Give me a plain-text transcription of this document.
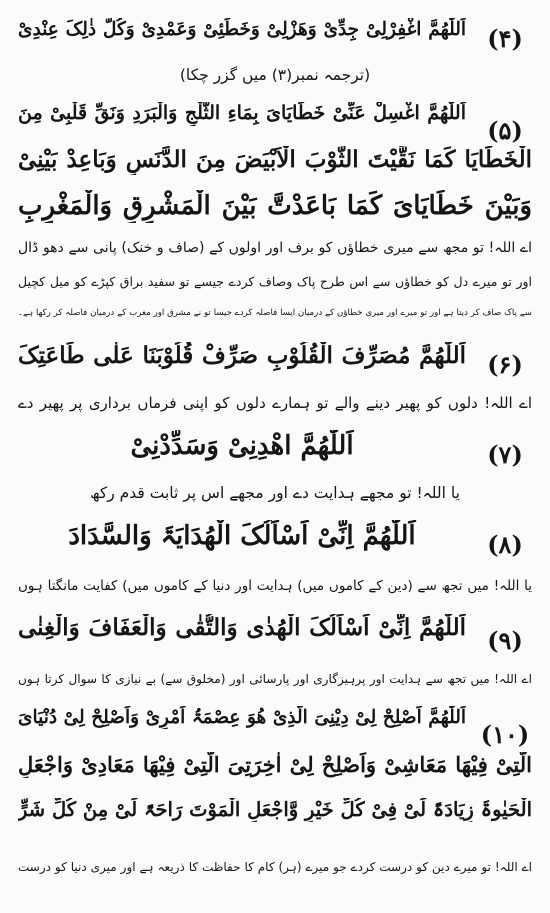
(۴)
اَللّٰھُمَّ اغْفِرْلِیْ جِدِّیْ وَھَزْلِیْ وَخَطَئِیْ وَعَمْدِیْ وَکُلُّ ذٰلِکَ عِنْدِیْ
(ترجمہ نمبر(۳) میں گزر چکا)
(۵)
اَللّٰھُمَّ اغْسِلْ عَنِّیْ خَطَایَایَ بِمَاءِ الثَّلْجِ وَالْبَرَدِ وَنَقِّ قَلْبِیْ مِنَ
الْخَطَایَا کَمَا نَقَّیْتَ الثَّوْبَ الْاَبْیَضَ مِنَ الدَّنَسِ وَبَاعِدْ بَیْنِیْ
وَبَیْنَ خَطَایَایَ کَمَا بَاعَدْتَّ بَیْنَ الْمَشْرِقِ وَالْمَغْرِبِ
اے اللہ! تو مجھ سے میری خطاؤں کو برف اور اولوں کے (صاف و خنک) پانی سے دھو ڈال
اور تو میرے دل کو خطاؤں سے اس طرح پاک وصاف کردے جیسے تو سفید براق کپڑے کو میل کچیل
سے پاک صاف کر دیتا ہے اور تو میرے اور میری خطاؤں کے درمیان ایسا فاصلہ کردے جیسا تو نے مشرق اور مغرب کے درمیان فاصلہ کر رکھا ہے۔
(۶)
اَللّٰھُمَّ مُصَرِّفَ الْقُلُوْبِ صَرِّفْ قُلُوْبَنَا عَلٰی طَاعَتِکَ
اے اللہ! دلوں کو پھیر دینے والے تو ہمارے دلوں کو اپنی فرماں برداری پر پھیر دے
(۷)
اَللّٰھُمَّ اھْدِنِیْ وَسَدِّدْنِیْ
یا اللہ! تو مجھے ہدایت دے اور مجھے اس پر ثابت قدم رکھ
(۸)
اَللّٰھُمَّ اِنِّیْ اَسْاَلُکَ الْھُدَایَۃَ وَالسَّدَادَ
یا اللہ! میں تجھ سے (دین کے کاموں میں) ہدایت اور دنیا کے کاموں میں) کفایت مانگتا ہوں
(۹)
اَللّٰھُمَّ اِنِّیْ اَسْاَلُکَ الْھُدٰی وَالتُّقٰی وَالْعَفَافَ وَالْغِنٰی
اے اللہ! میں تجھ سے ہدایت اور پرہیزگاری اور پارسائی اور (مخلوق سے) بے نیازی کا سوال کرتا ہوں
(۱۰)
اَللّٰھُمَّ اَصْلِحْ لِیْ دِیْنِیَ الَّذِیْ ھُوَ عِصْمَۃُ اَمْرِیْ وَاَصْلِحْ لِیْ دُنْیَایَ
الَّتِیْ فِیْھَا مَعَاشِیْ وَاَصْلِحْ لِیْ اٰخِرَتِیَ الَّتِیْ فِیْھَا مَعَادِیْ وَاجْعَلِ
الْحَیٰوۃَ زِیَادَۃً لِّیْ فِیْ کُلِّ خَیْرٍ وَّاجْعَلِ الْمَوْتَ رَاحَۃً لِّیْ مِنْ کُلِّ شَرٍّ
اے اللہ! تو میرے دین کو درست کردے جو میرے (ہر) کام کا حفاظت کا ذریعہ ہے اور میری دنیا کو درست
